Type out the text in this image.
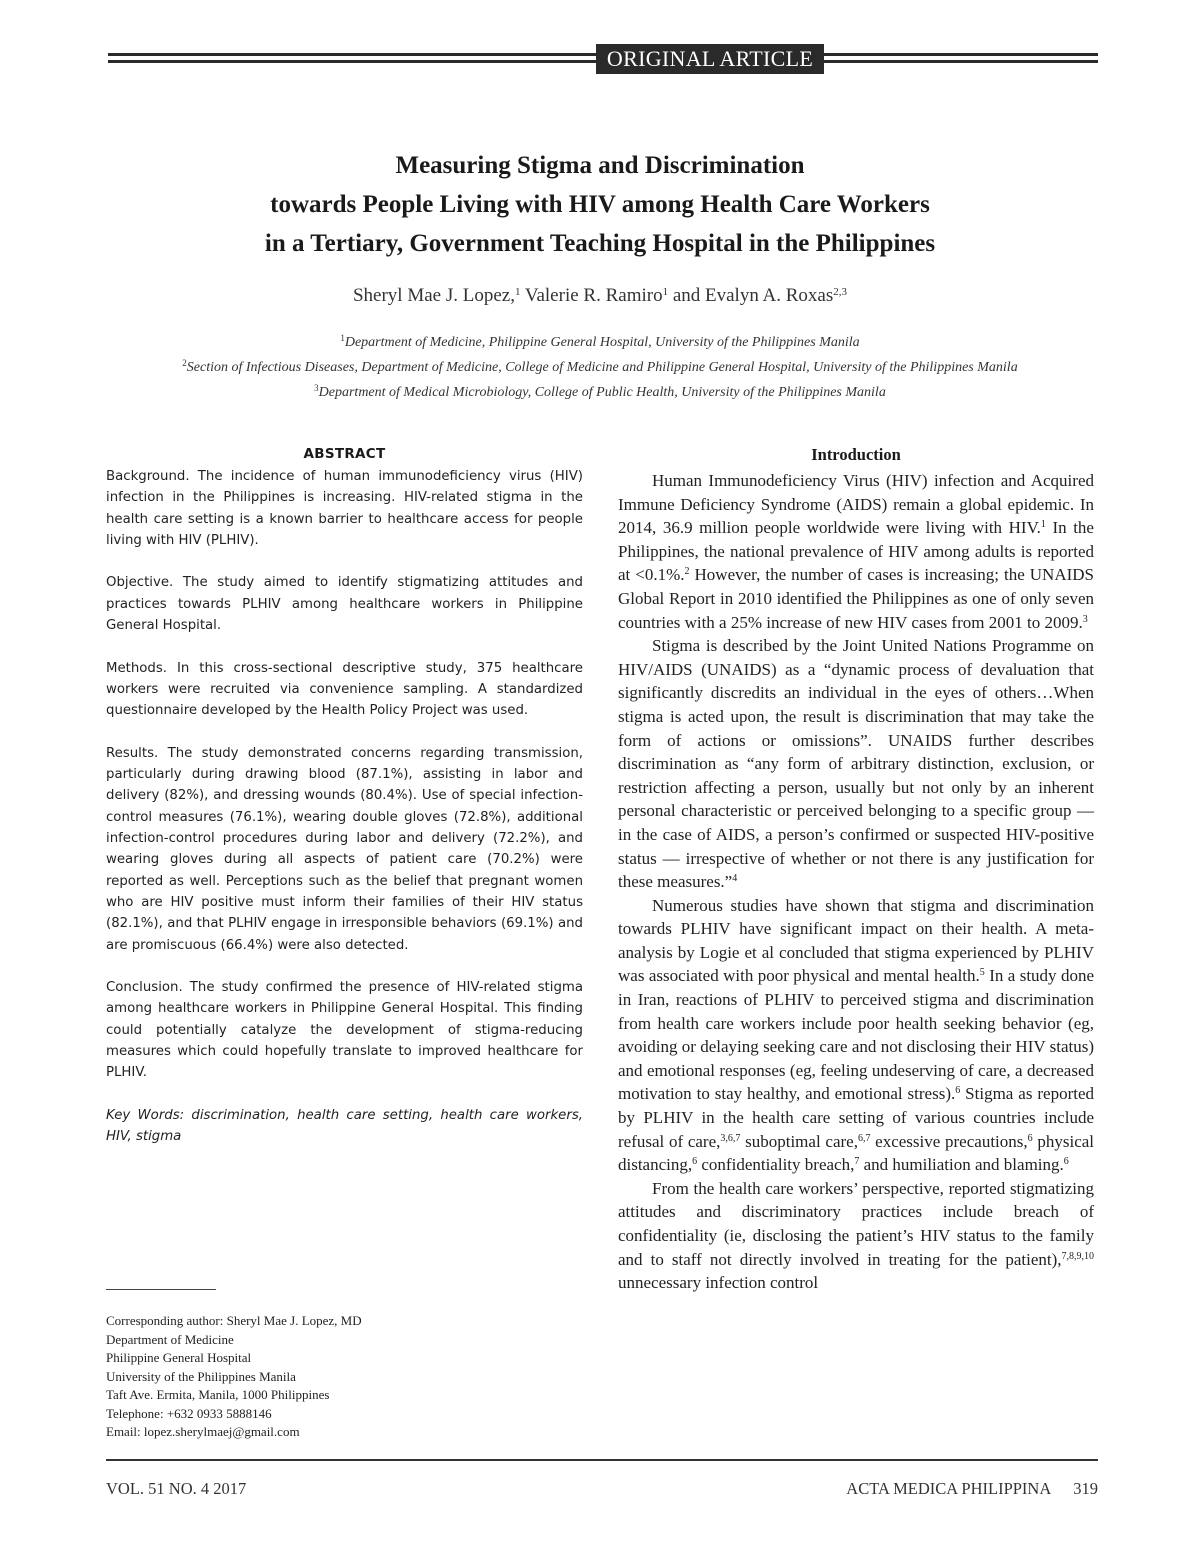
ORIGINAL ARTICLE
Measuring Stigma and Discrimination
towards People Living with HIV among Health Care Workers
in a Tertiary, Government Teaching Hospital in the Philippines
Sheryl Mae J. Lopez,$^1$ Valerie R. Ramiro$^1$ and Evalyn A. Roxas$^{2,3}$
$^1$Department of Medicine, Philippine General Hospital, University of the Philippines Manila
$^2$Section of Infectious Diseases, Department of Medicine, College of Medicine and Philippine General Hospital, University of the Philippines Manila
$^3$Department of Medical Microbiology, College of Public Health, University of the Philippines Manila
ABSTRACT

Background. The incidence of human immunodeficiency virus (HIV) infection in the Philippines is increasing. HIV-related stigma in the health care setting is a known barrier to healthcare access for people living with HIV (PLHIV).

Objective. The study aimed to identify stigmatizing attitudes and practices towards PLHIV among healthcare workers in Philippine General Hospital.

Methods. In this cross-sectional descriptive study, 375 healthcare workers were recruited via convenience sampling. A standardized questionnaire developed by the Health Policy Project was used.

Results. The study demonstrated concerns regarding transmission, particularly during drawing blood (87.1%), assisting in labor and delivery (82%), and dressing wounds (80.4%). Use of special infection-control measures (76.1%), wearing double gloves (72.8%), additional infection-control procedures during labor and delivery (72.2%), and wearing gloves during all aspects of patient care (70.2%) were reported as well. Perceptions such as the belief that pregnant women who are HIV positive must inform their families of their HIV status (82.1%), and that PLHIV engage in irresponsible behaviors (69.1%) and are promiscuous (66.4%) were also detected.

Conclusion. The study confirmed the presence of HIV-related stigma among healthcare workers in Philippine General Hospital. This finding could potentially catalyze the development of stigma-reducing measures which could hopefully translate to improved healthcare for PLHIV.

Key Words: discrimination, health care setting, health care workers, HIV, stigma

Corresponding author: Sheryl Mae J. Lopez, MD
Department of Medicine
Philippine General Hospital
University of the Philippines Manila
Taft Ave. Ermita, Manila, 1000 Philippines
Telephone: +632 0933 5888146
Email: lopez.sherylmaej@gmail.com
Introduction

Human Immunodeficiency Virus (HIV) infection and Acquired Immune Deficiency Syndrome (AIDS) remain a global epidemic. In 2014, 36.9 million people worldwide were living with HIV.$^1$ In the Philippines, the national prevalence of HIV among adults is reported at <0.1%.$^2$ However, the number of cases is increasing; the UNAIDS Global Report in 2010 identified the Philippines as one of only seven countries with a 25% increase of new HIV cases from 2001 to 2009.$^3$

Stigma is described by the Joint United Nations Programme on HIV/AIDS (UNAIDS) as a “dynamic process of devaluation that significantly discredits an individual in the eyes of others…When stigma is acted upon, the result is discrimination that may take the form of actions or omissions”. UNAIDS further describes discrimination as “any form of arbitrary distinction, exclusion, or restriction affecting a person, usually but not only by an inherent personal characteristic or perceived belonging to a specific group — in the case of AIDS, a person’s confirmed or suspected HIV-positive status — irrespective of whether or not there is any justification for these measures.”$^4$

Numerous studies have shown that stigma and discrimination towards PLHIV have significant impact on their health. A meta-analysis by Logie et al concluded that stigma experienced by PLHIV was associated with poor physical and mental health.$^5$ In a study done in Iran, reactions of PLHIV to perceived stigma and discrimination from health care workers include poor health seeking behavior (eg, avoiding or delaying seeking care and not disclosing their HIV status) and emotional responses (eg, feeling undeserving of care, a decreased motivation to stay healthy, and emotional stress).$^6$ Stigma as reported by PLHIV in the health care setting of various countries include refusal of care,$^{3,6,7}$ suboptimal care,$^{6,7}$ excessive precautions,$^6$ physical distancing,$^6$ confidentiality breach,$^7$ and humiliation and blaming.$^6$

From the health care workers’ perspective, reported stigmatizing attitudes and discriminatory practices include breach of confidentiality (ie, disclosing the patient’s HIV status to the family and to staff not directly involved in treating for the patient),$^{7,8,9,10}$ unnecessary infection control

VOL. 51 NO. 4 2017	ACTA MEDICA PHILIPPINA 319
